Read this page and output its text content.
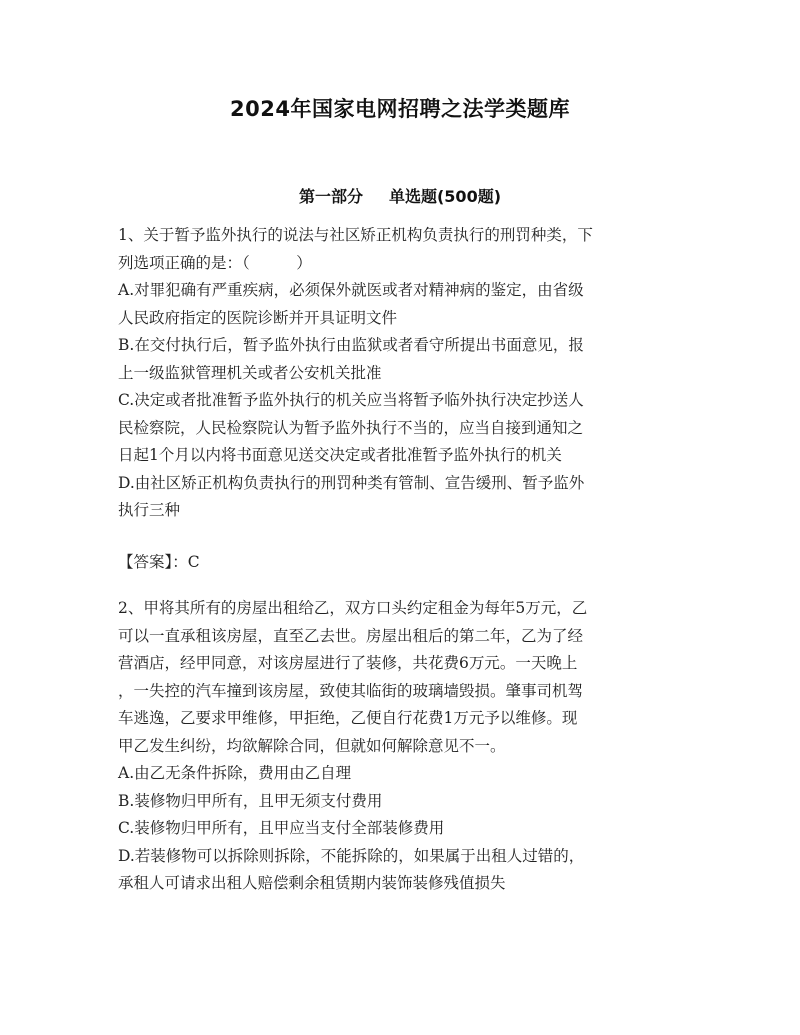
2024年国家电网招聘之法学类题库
第一部分 单选题(500题)
1、关于暂予监外执行的说法与社区矫正机构负责执行的刑罚种类，下
列选项正确的是：（　　　）
A.对罪犯确有严重疾病，必须保外就医或者对精神病的鉴定，由省级
人民政府指定的医院诊断并开具证明文件
B.在交付执行后，暂予监外执行由监狱或者看守所提出书面意见，报
上一级监狱管理机关或者公安机关批准
C.决定或者批准暂予监外执行的机关应当将暂予临外执行决定抄送人
民检察院，人民检察院认为暂予监外执行不当的，应当自接到通知之
日起1个月以内将书面意见送交决定或者批准暂予监外执行的机关
D.由社区矫正机构负责执行的刑罚种类有管制、宣告缓刑、暂予监外
执行三种
【答案】：C
2、甲将其所有的房屋出租给乙，双方口头约定租金为每年5万元，乙
可以一直承租该房屋，直至乙去世。房屋出租后的第二年，乙为了经
营酒店，经甲同意，对该房屋进行了装修，共花费6万元。一天晚上
，一失控的汽车撞到该房屋，致使其临街的玻璃墙毁损。肇事司机驾
车逃逸，乙要求甲维修，甲拒绝，乙便自行花费1万元予以维修。现
甲乙发生纠纷，均欲解除合同，但就如何解除意见不一。
A.由乙无条件拆除，费用由乙自理
B.装修物归甲所有，且甲无须支付费用
C.装修物归甲所有，且甲应当支付全部装修费用
D.若装修物可以拆除则拆除，不能拆除的，如果属于出租人过错的，
承租人可请求出租人赔偿剩余租赁期内装饰装修残值损失
